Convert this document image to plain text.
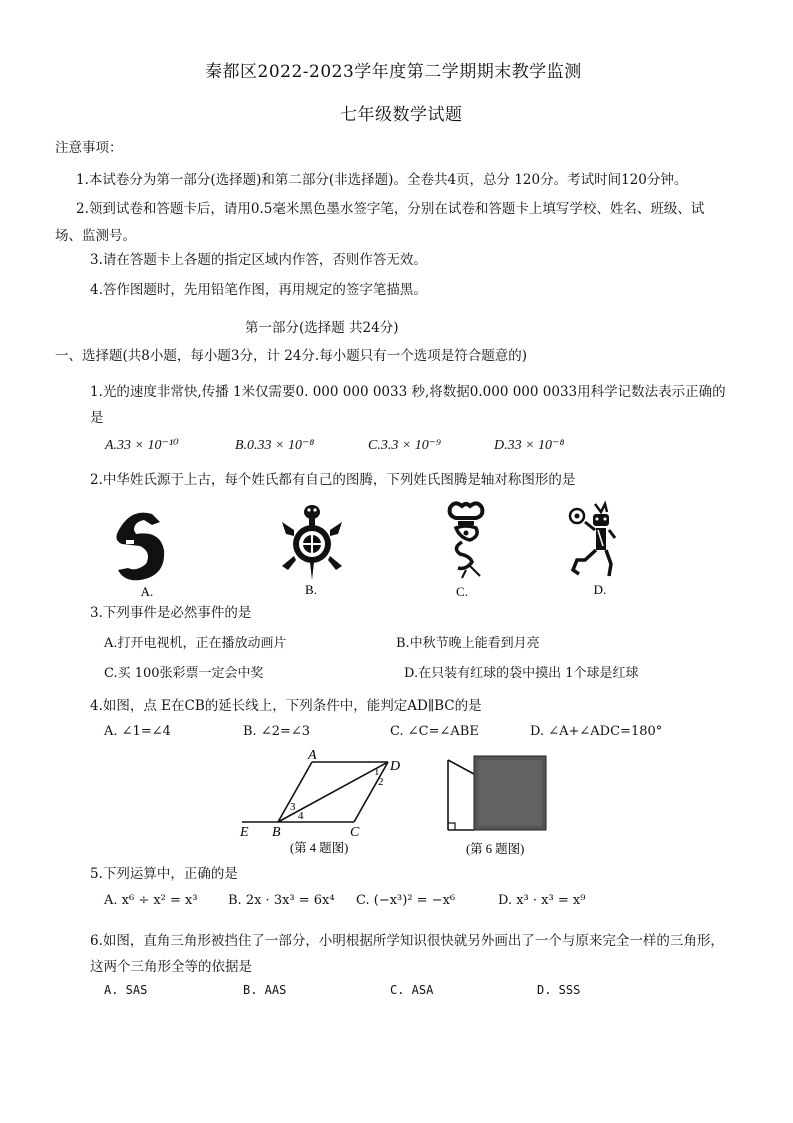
秦都区2022-2023学年度第二学期期末教学监测
七年级数学试题
注意事项：
1.本试卷分为第一部分(选择题)和第二部分(非选择题)。全卷共4页，总分 120分。考试时间120分钟。
2.领到试卷和答题卡后，请用0.5毫米黑色墨水签字笔，分别在试卷和答题卡上填写学校、姓名、班级、试
场、监测号。
3.请在答题卡上各题的指定区域内作答，否则作答无效。
4.答作图题时，先用铅笔作图，再用规定的签字笔描黑。
第一部分(选择题 共24分)
一、选择题(共8小题，每小题3分，计 24分.每小题只有一个选项是符合题意的)
1.光的速度非常快,传播 1米仅需要0. 000 000 0033 秒,将数据0.000 000 0033用科学记数法表示正确的
是
A.33 × 10⁻¹⁰	B.0.33 × 10⁻⁸	C.3.3 × 10⁻⁹	D.33 × 10⁻⁸
2.中华姓氏源于上古，每个姓氏都有自己的图腾，下列姓氏图腾是轴对称图形的是
A.	B.	C.	D.
3.下列事件是必然事件的是
A.打开电视机，正在播放动画片	B.中秋节晚上能看到月亮
C.买 100张彩票一定会中奖	D.在只装有红球的袋中摸出 1个球是红球
4.如图，点 E在CB的延长线上，下列条件中，能判定AD∥BC的是
A. ∠1=∠4	B. ∠2=∠3	C. ∠C=∠ABE	D. ∠A+∠ADC=180°
A
D
B	C
E
1
2
3
4
(第 4 题图)	(第 6 题图)
5.下列运算中，正确的是
A. x⁶ ÷ x² = x³ B. 2x · 3x³ = 6x⁴ C. (−x³)² = −x⁶	D. x³ · x³ = x⁹
6.如图，直角三角形被挡住了一部分，小明根据所学知识很快就另外画出了一个与原来完全一样的三角形，
这两个三角形全等的依据是
A. SAS	B. AAS	C. ASA	D. SSS
